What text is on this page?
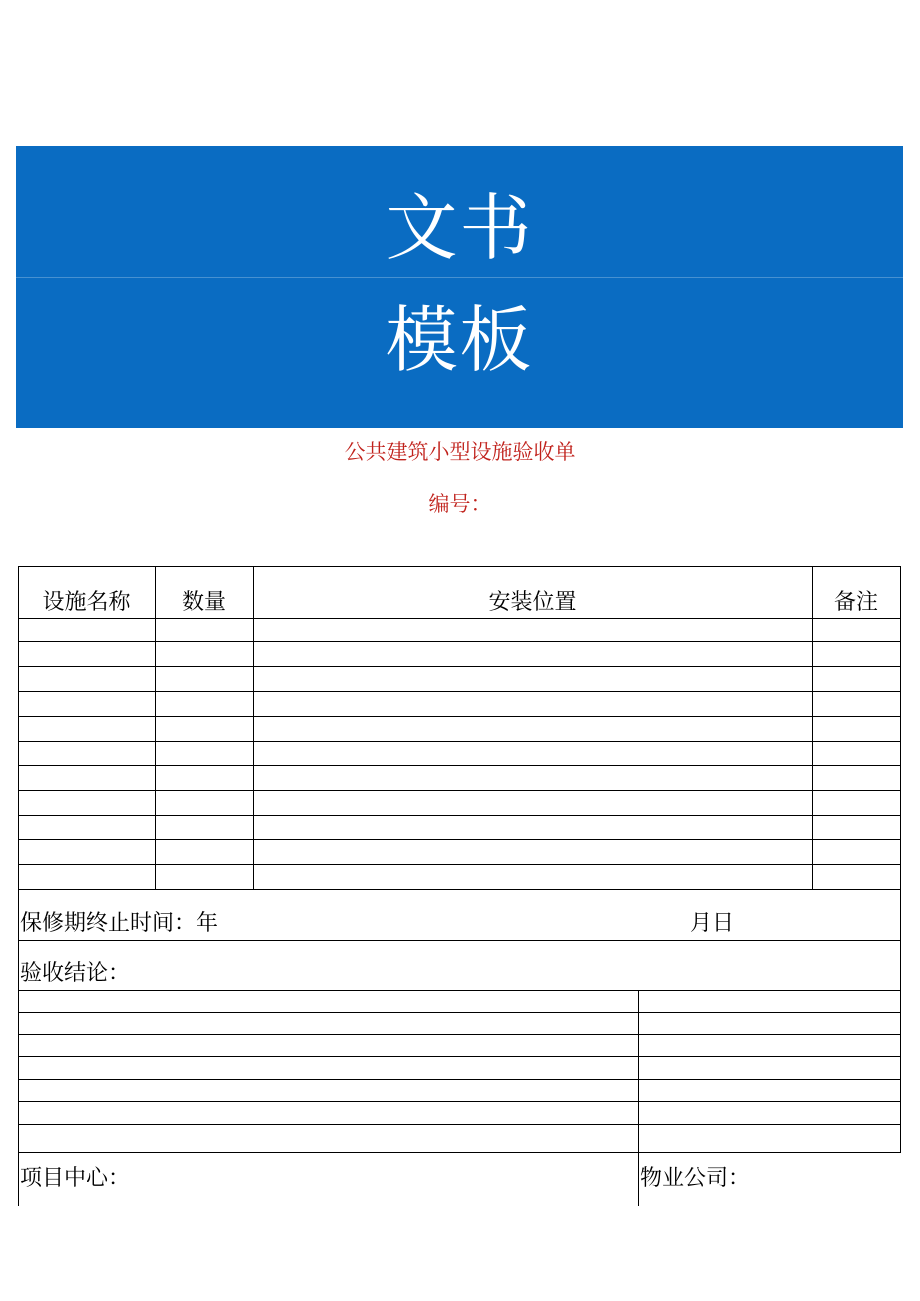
文书
模板
公共建筑小型设施验收单
编号：
设施名称	数量	安装位置	备注
保修期终止时间：年	月日
验收结论：
项目中心：	物业公司：
